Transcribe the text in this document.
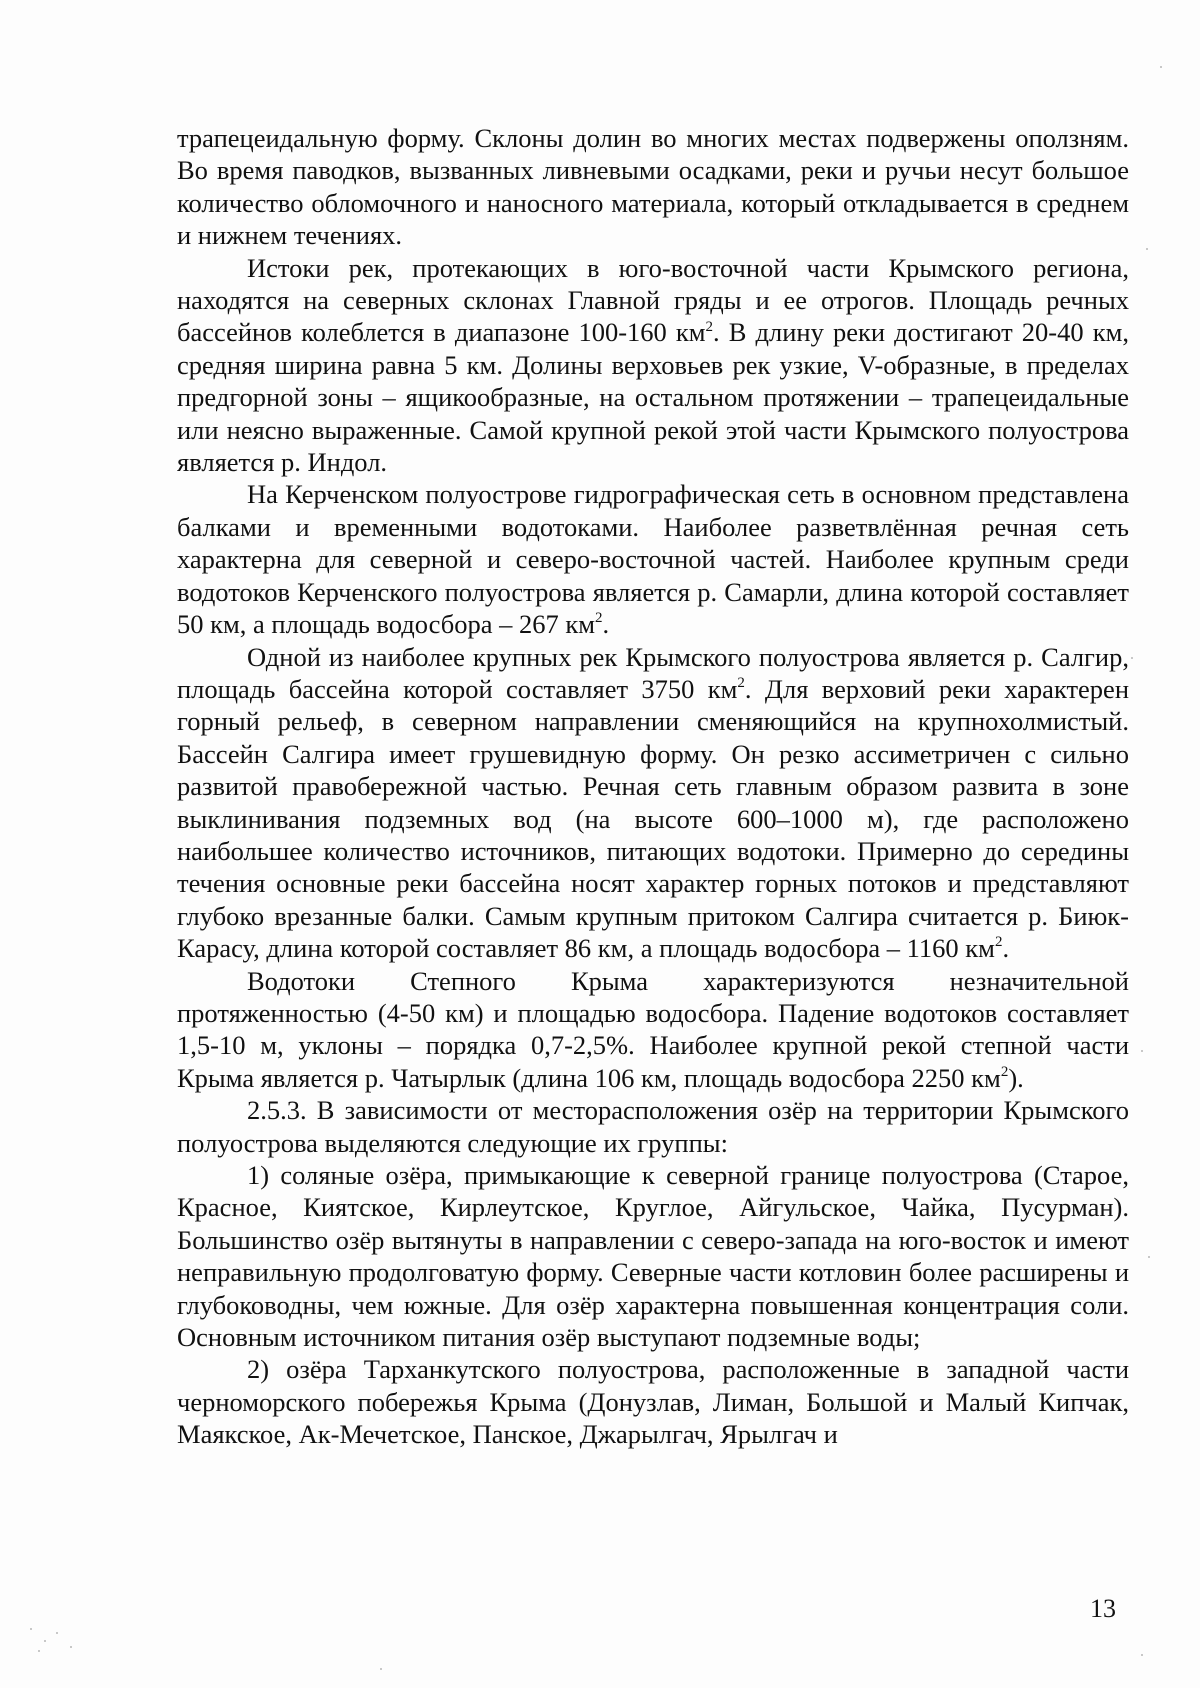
трапецеидальную форму. Склоны долин во многих местах подвержены оползням. Во время паводков, вызванных ливневыми осадками, реки и ручьи несут большое количество обломочного и наносного материала, который откладывается в среднем и нижнем течениях.

Истоки рек, протекающих в юго-восточной части Крымского региона, находятся на северных склонах Главной гряды и ее отрогов. Площадь речных бассейнов колеблется в диапазоне 100-160 $км^2$. В длину реки достигают 20-40 км, средняя ширина равна 5 км. Долины верховьев рек узкие, V-образные, в пределах предгорной зоны – ящикообразные, на остальном протяжении – трапецеидальные или неясно выраженные. Самой крупной рекой этой части Крымского полуострова является р. Индол.

На Керченском полуострове гидрографическая сеть в основном представлена балками и временными водотоками. Наиболее разветвлённая речная сеть характерна для северной и северо-восточной частей. Наиболее крупным среди водотоков Керченского полуострова является р. Самарли, длина которой составляет 50 км, а площадь водосбора – 267 $км^2$.

Одной из наиболее крупных рек Крымского полуострова является р. Салгир, площадь бассейна которой составляет 3750 $км^2$. Для верховий реки характерен горный рельеф, в северном направлении сменяющийся на крупнохолмистый. Бассейн Салгира имеет грушевидную форму. Он резко ассиметричен с сильно развитой правобережной частью. Речная сеть главным образом развита в зоне выклинивания подземных вод (на высоте 600–1000 м), где расположено наибольшее количество источников, питающих водотоки. Примерно до середины течения основные реки бассейна носят характер горных потоков и представляют глубоко врезанные балки. Самым крупным притоком Салгира считается р. Биюк-Карасу, длина которой составляет 86 км, а площадь водосбора – 1160 $км^2$.

Водотоки Степного Крыма характеризуются незначительной протяженностью (4-50 км) и площадью водосбора. Падение водотоков составляет 1,5-10 м, уклоны – порядка 0,7-2,5%. Наиболее крупной рекой степной части Крыма является р. Чатырлык (длина 106 км, площадь водосбора 2250 $км^2$).

2.5.3. В зависимости от месторасположения озёр на территории Крымского полуострова выделяются следующие их группы:

1) соляные озёра, примыкающие к северной границе полуострова (Старое, Красное, Киятское, Кирлеутское, Круглое, Айгульское, Чайка, Пусурман). Большинство озёр вытянуты в направлении с северо-запада на юго-восток и имеют неправильную продолговатую форму. Северные части котловин более расширены и глубоководны, чем южные. Для озёр характерна повышенная концентрация соли. Основным источником питания озёр выступают подземные воды;

2) озёра Тарханкутского полуострова, расположенные в западной части черноморского побережья Крыма (Донузлав, Лиман, Большой и Малый Кипчак, Маякское, Ак-Мечетское, Панское, Джарылгач, Ярылгач и

13
